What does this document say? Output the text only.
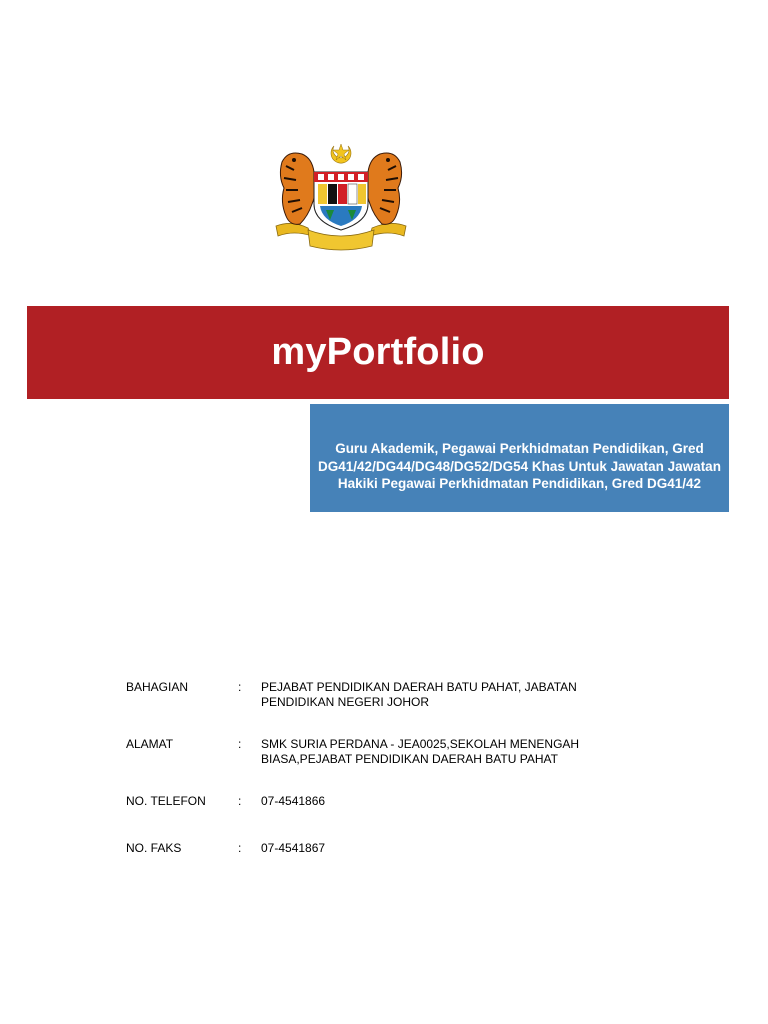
myPortfolio
Guru Akademik, Pegawai Perkhidmatan Pendidikan, Gred DG41/42/DG44/DG48/DG52/DG54 Khas Untuk Jawatan Jawatan Hakiki Pegawai Perkhidmatan Pendidikan, Gred DG41/42
BAHAGIAN	: PEJABAT PENDIDIKAN DAERAH BATU PAHAT, JABATAN PENDIDIKAN NEGERI JOHOR
ALAMAT	: SMK SURIA PERDANA - JEA0025,SEKOLAH MENENGAH BIASA,PEJABAT PENDIDIKAN DAERAH BATU PAHAT
NO. TELEFON	: 07-4541866
NO. FAKS	: 07-4541867
